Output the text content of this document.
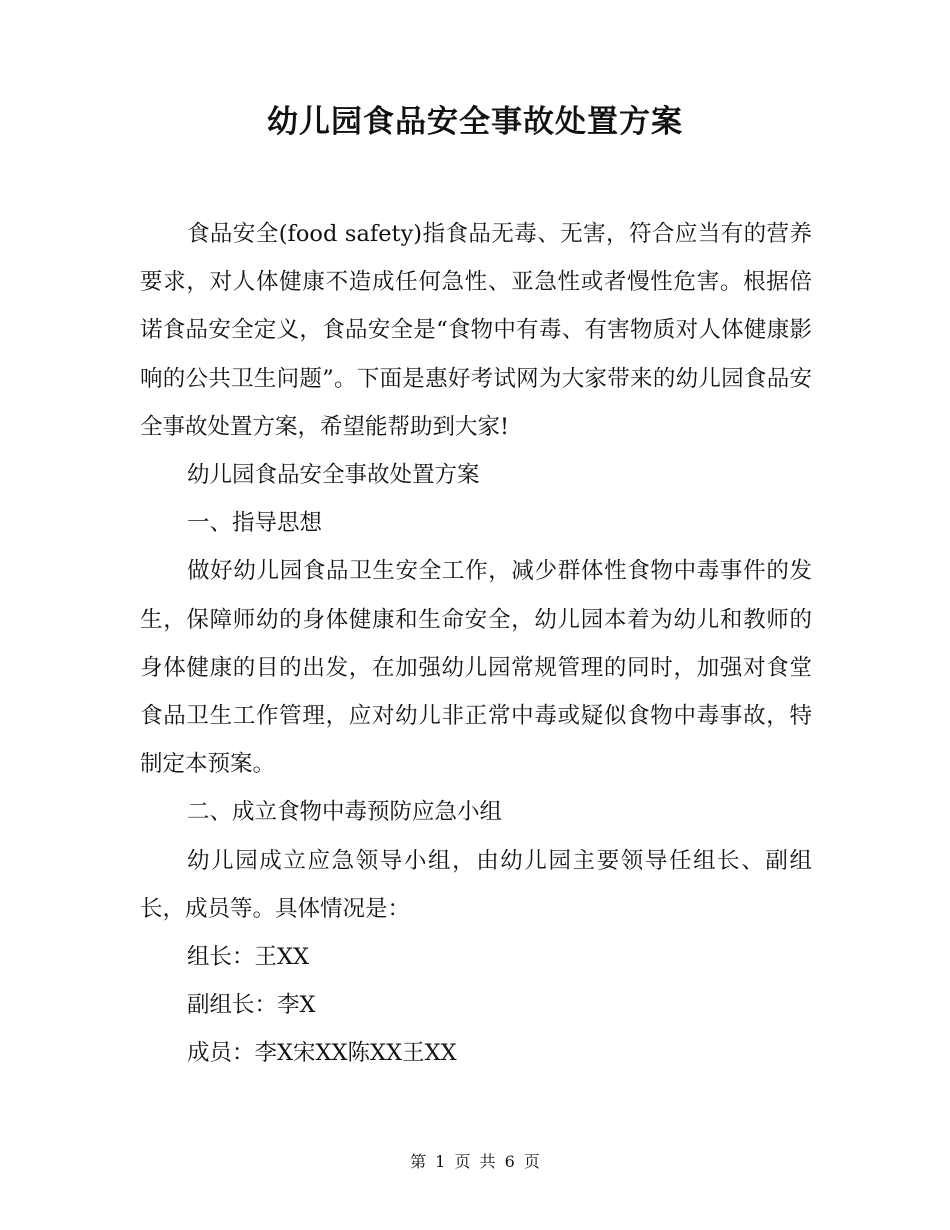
幼儿园食品安全事故处置方案

食品安全(food safety)指食品无毒、无害，符合应当有的营养要求，对人体健康不造成任何急性、亚急性或者慢性危害。根据倍诺食品安全定义，食品安全是“食物中有毒、有害物质对人体健康影响的公共卫生问题”。下面是惠好考试网为大家带来的幼儿园食品安全事故处置方案，希望能帮助到大家!

幼儿园食品安全事故处置方案

一、指导思想

做好幼儿园食品卫生安全工作，减少群体性食物中毒事件的发生，保障师幼的身体健康和生命安全，幼儿园本着为幼儿和教师的身体健康的目的出发，在加强幼儿园常规管理的同时，加强对食堂食品卫生工作管理，应对幼儿非正常中毒或疑似食物中毒事故，特制定本预案。

二、成立食物中毒预防应急小组

幼儿园成立应急领导小组，由幼儿园主要领导任组长、副组长，成员等。具体情况是：

组长：王XX

副组长：李X

成员：李X宋XX陈XX王XX

第 1 页 共 6 页
